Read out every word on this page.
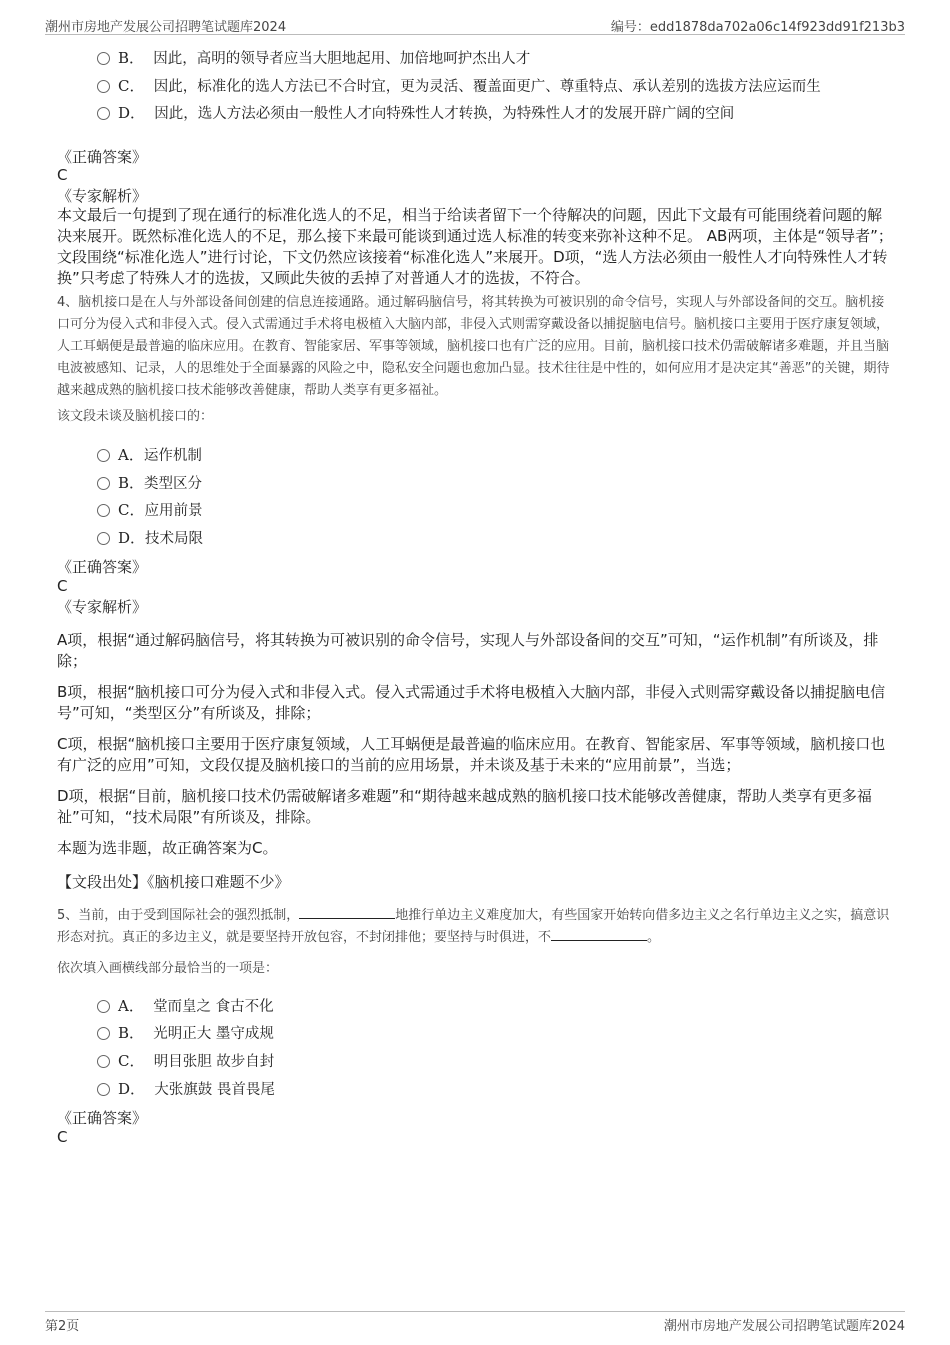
潮州市房地产发展公司招聘笔试题库2024	编号：edd1878da702a06c14f923dd91f213b3
B． 因此，高明的领导者应当大胆地起用、加倍地呵护杰出人才
C． 因此，标准化的选人方法已不合时宜，更为灵活、覆盖面更广、尊重特点、承认差别的选拔方法应运而生
D． 因此，选人方法必须由一般性人才向特殊性人才转换，为特殊性人才的发展开辟广阔的空间
《正确答案》
C
《专家解析》
本文最后一句提到了现在通行的标准化选人的不足，相当于给读者留下一个待解决的问题，因此下文最有可能围绕着问题的解决来展开。既然标准化选人的不足，那么接下来最可能谈到通过选人标准的转变来弥补这种不足。 AB两项，主体是“领导者”；文段围绕“标准化选人”进行讨论，下文仍然应该接着“标准化选人”来展开。D项，“选人方法必须由一般性人才向特殊性人才转换”只考虑了特殊人才的选拔，又顾此失彼的丢掉了对普通人才的选拔，不符合。
4、脑机接口是在人与外部设备间创建的信息连接通路。通过解码脑信号，将其转换为可被识别的命令信号，实现人与外部设备间的交互。脑机接口可分为侵入式和非侵入式。侵入式需通过手术将电极植入大脑内部，非侵入式则需穿戴设备以捕捉脑电信号。脑机接口主要用于医疗康复领域，人工耳蜗便是最普遍的临床应用。在教育、智能家居、军事等领域，脑机接口也有广泛的应用。目前，脑机接口技术仍需破解诸多难题，并且当脑电波被感知、记录，人的思维处于全面暴露的风险之中，隐私安全问题也愈加凸显。技术往往是中性的，如何应用才是决定其“善恶”的关键，期待越来越成熟的脑机接口技术能够改善健康，帮助人类享有更多福祉。
该文段未谈及脑机接口的：
A．运作机制
B．类型区分
C．应用前景
D．技术局限
《正确答案》
C
《专家解析》
A项，根据“通过解码脑信号，将其转换为可被识别的命令信号，实现人与外部设备间的交互”可知，“运作机制”有所谈及，排除；
B项，根据“脑机接口可分为侵入式和非侵入式。侵入式需通过手术将电极植入大脑内部，非侵入式则需穿戴设备以捕捉脑电信号”可知，“类型区分”有所谈及，排除；
C项，根据“脑机接口主要用于医疗康复领域，人工耳蜗便是最普遍的临床应用。在教育、智能家居、军事等领域，脑机接口也有广泛的应用”可知，文段仅提及脑机接口的当前的应用场景，并未谈及基于未来的“应用前景”，当选；
D项，根据“目前，脑机接口技术仍需破解诸多难题”和“期待越来越成熟的脑机接口技术能够改善健康，帮助人类享有更多福祉”可知，“技术局限”有所谈及，排除。
本题为选非题，故正确答案为C。
【文段出处】《脑机接口难题不少》
5、当前，由于受到国际社会的强烈抵制，	地推行单边主义难度加大，有些国家开始转向借多边主义之名行单边主义之实，搞意识形态对抗。真正的多边主义，就是要坚持开放包容，不封闭排他；要坚持与时俱进，不	。
依次填入画横线部分最恰当的一项是：
A． 堂而皇之 食古不化
B． 光明正大 墨守成规
C． 明目张胆 故步自封
D． 大张旗鼓 畏首畏尾
《正确答案》
C
第2页	潮州市房地产发展公司招聘笔试题库2024
